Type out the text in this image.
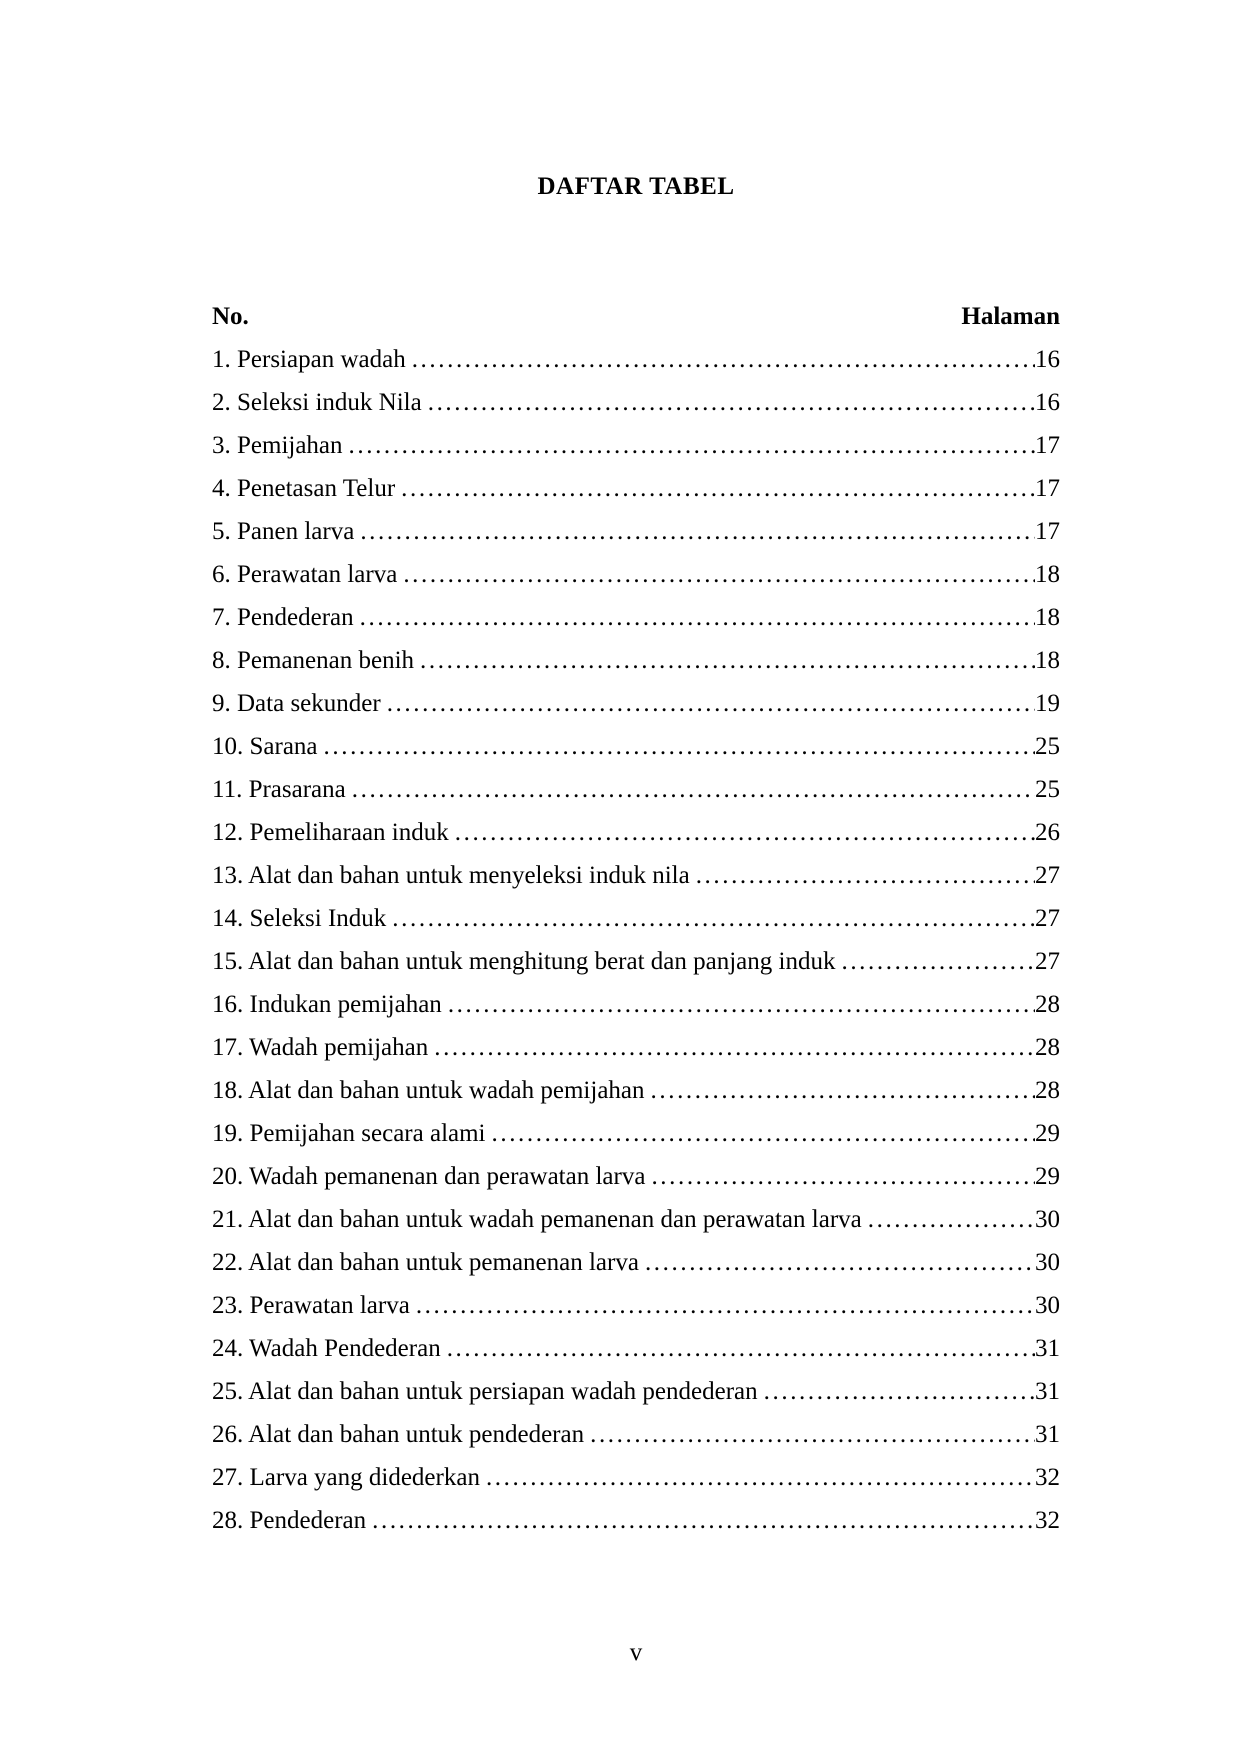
DAFTAR TABEL
No.	Halaman
1. Persiapan wadah .....	16
2. Seleksi induk Nila .....	16
3. Pemijahan .....	17
4. Penetasan Telur .....	17
5. Panen larva .....	17
6. Perawatan larva .....	18
7. Pendederan .....	18
8. Pemanenan benih .....	18
9. Data sekunder .....	19
10. Sarana .....	25
11. Prasarana .....	25
12. Pemeliharaan induk .....	26
13. Alat dan bahan untuk menyeleksi induk nila .....	27
14. Seleksi Induk .....	27
15. Alat dan bahan untuk menghitung berat dan panjang induk .....	27
16. Indukan pemijahan .....	28
17. Wadah pemijahan .....	28
18. Alat dan bahan untuk wadah pemijahan .....	28
19. Pemijahan secara alami .....	29
20. Wadah pemanenan dan perawatan larva .....	29
21. Alat dan bahan untuk wadah pemanenan dan perawatan larva .....	30
22. Alat dan bahan untuk pemanenan larva .....	30
23. Perawatan larva .....	30
24. Wadah Pendederan .....	31
25. Alat dan bahan untuk persiapan wadah pendederan .....	31
26. Alat dan bahan untuk pendederan .....	31
27. Larva yang didederkan .....	32
28. Pendederan .....	32
v
